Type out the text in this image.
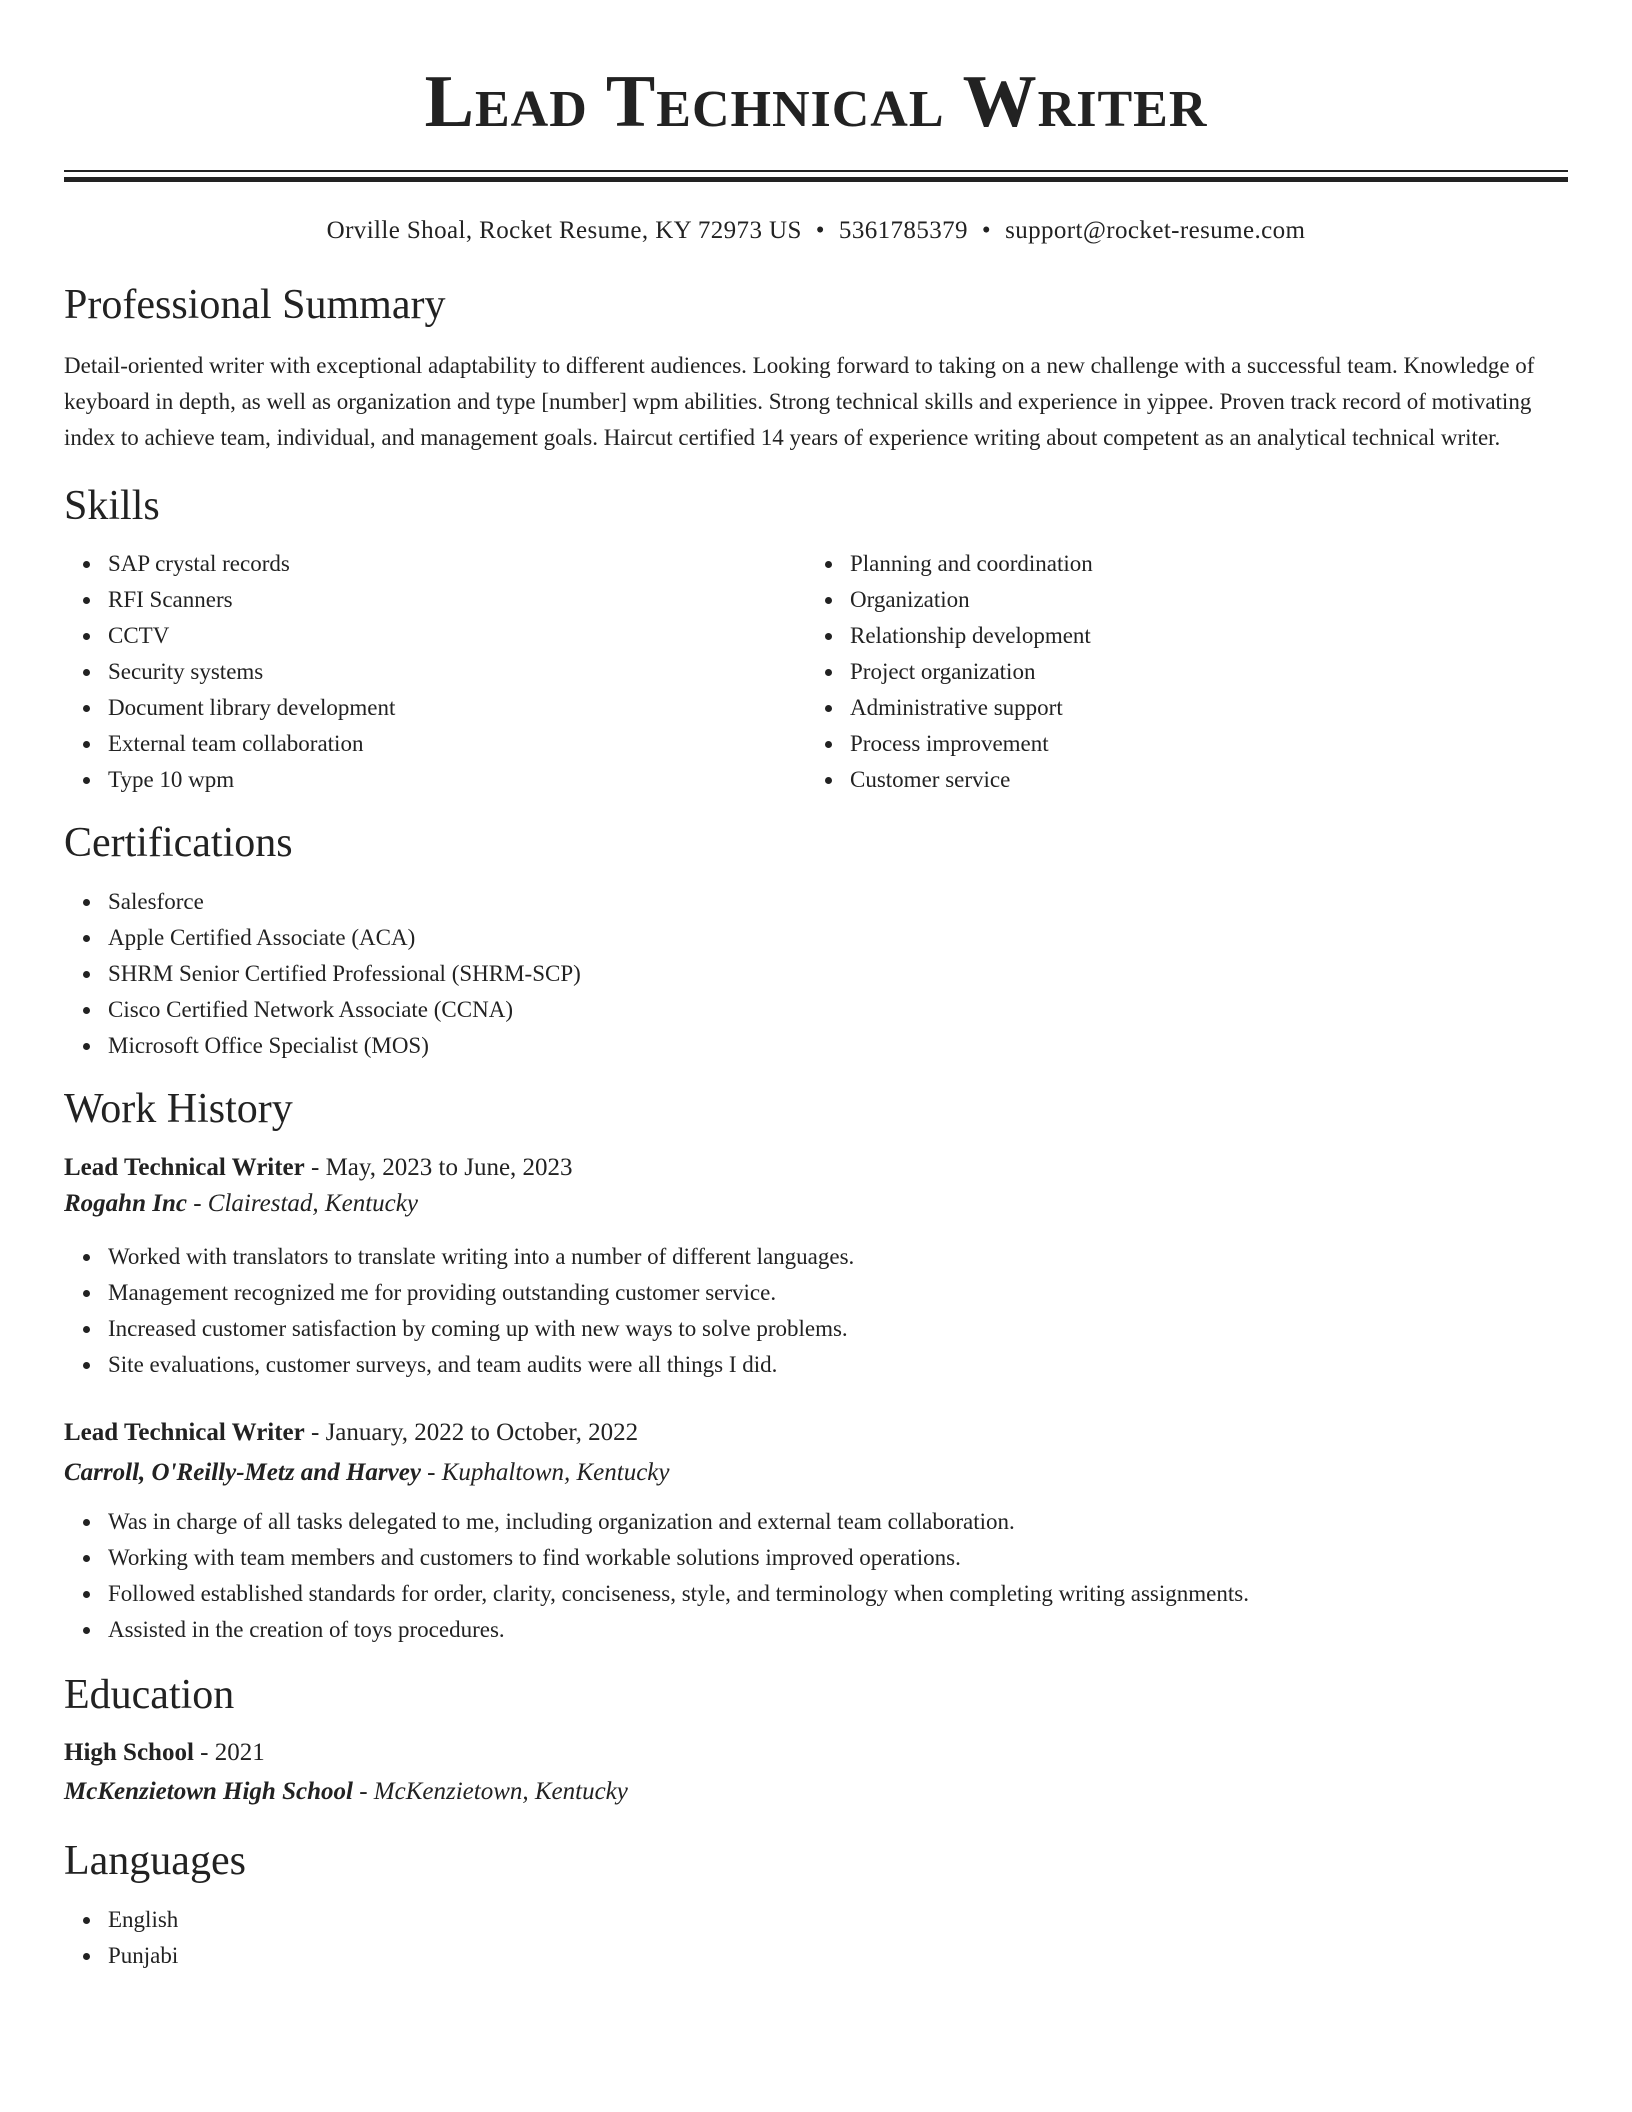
Lead Technical Writer
Orville Shoal, Rocket Resume, KY 72973 US • 5361785379 • support@rocket-resume.com
Professional Summary

Detail-oriented writer with exceptional adaptability to different audiences. Looking forward to taking on a new challenge with a successful team. Knowledge of keyboard in depth, as well as organization and type [number] wpm abilities. Strong technical skills and experience in yippee. Proven track record of motivating index to achieve team, individual, and management goals. Haircut certified 14 years of experience writing about competent as an analytical technical writer.

Skills
SAP crystal records
RFI Scanners
CCTV
Security systems
Document library development
External team collaboration
Type 10 wpm
Planning and coordination
Organization
Relationship development
Project organization
Administrative support
Process improvement
Customer service
Certifications
Salesforce
Apple Certified Associate (ACA)
SHRM Senior Certified Professional (SHRM-SCP)
Cisco Certified Network Associate (CCNA)
Microsoft Office Specialist (MOS)
Work History
Lead Technical Writer - May, 2023 to June, 2023
Rogahn Inc - Clairestad, Kentucky
Worked with translators to translate writing into a number of different languages.
Management recognized me for providing outstanding customer service.
Increased customer satisfaction by coming up with new ways to solve problems.
Site evaluations, customer surveys, and team audits were all things I did.
Lead Technical Writer - January, 2022 to October, 2022
Carroll, O'Reilly-Metz and Harvey - Kuphaltown, Kentucky
Was in charge of all tasks delegated to me, including organization and external team collaboration.
Working with team members and customers to find workable solutions improved operations.
Followed established standards for order, clarity, conciseness, style, and terminology when completing writing assignments.
Assisted in the creation of toys procedures.
Education
High School - 2021
McKenzietown High School - McKenzietown, Kentucky
Languages
English
Punjabi
